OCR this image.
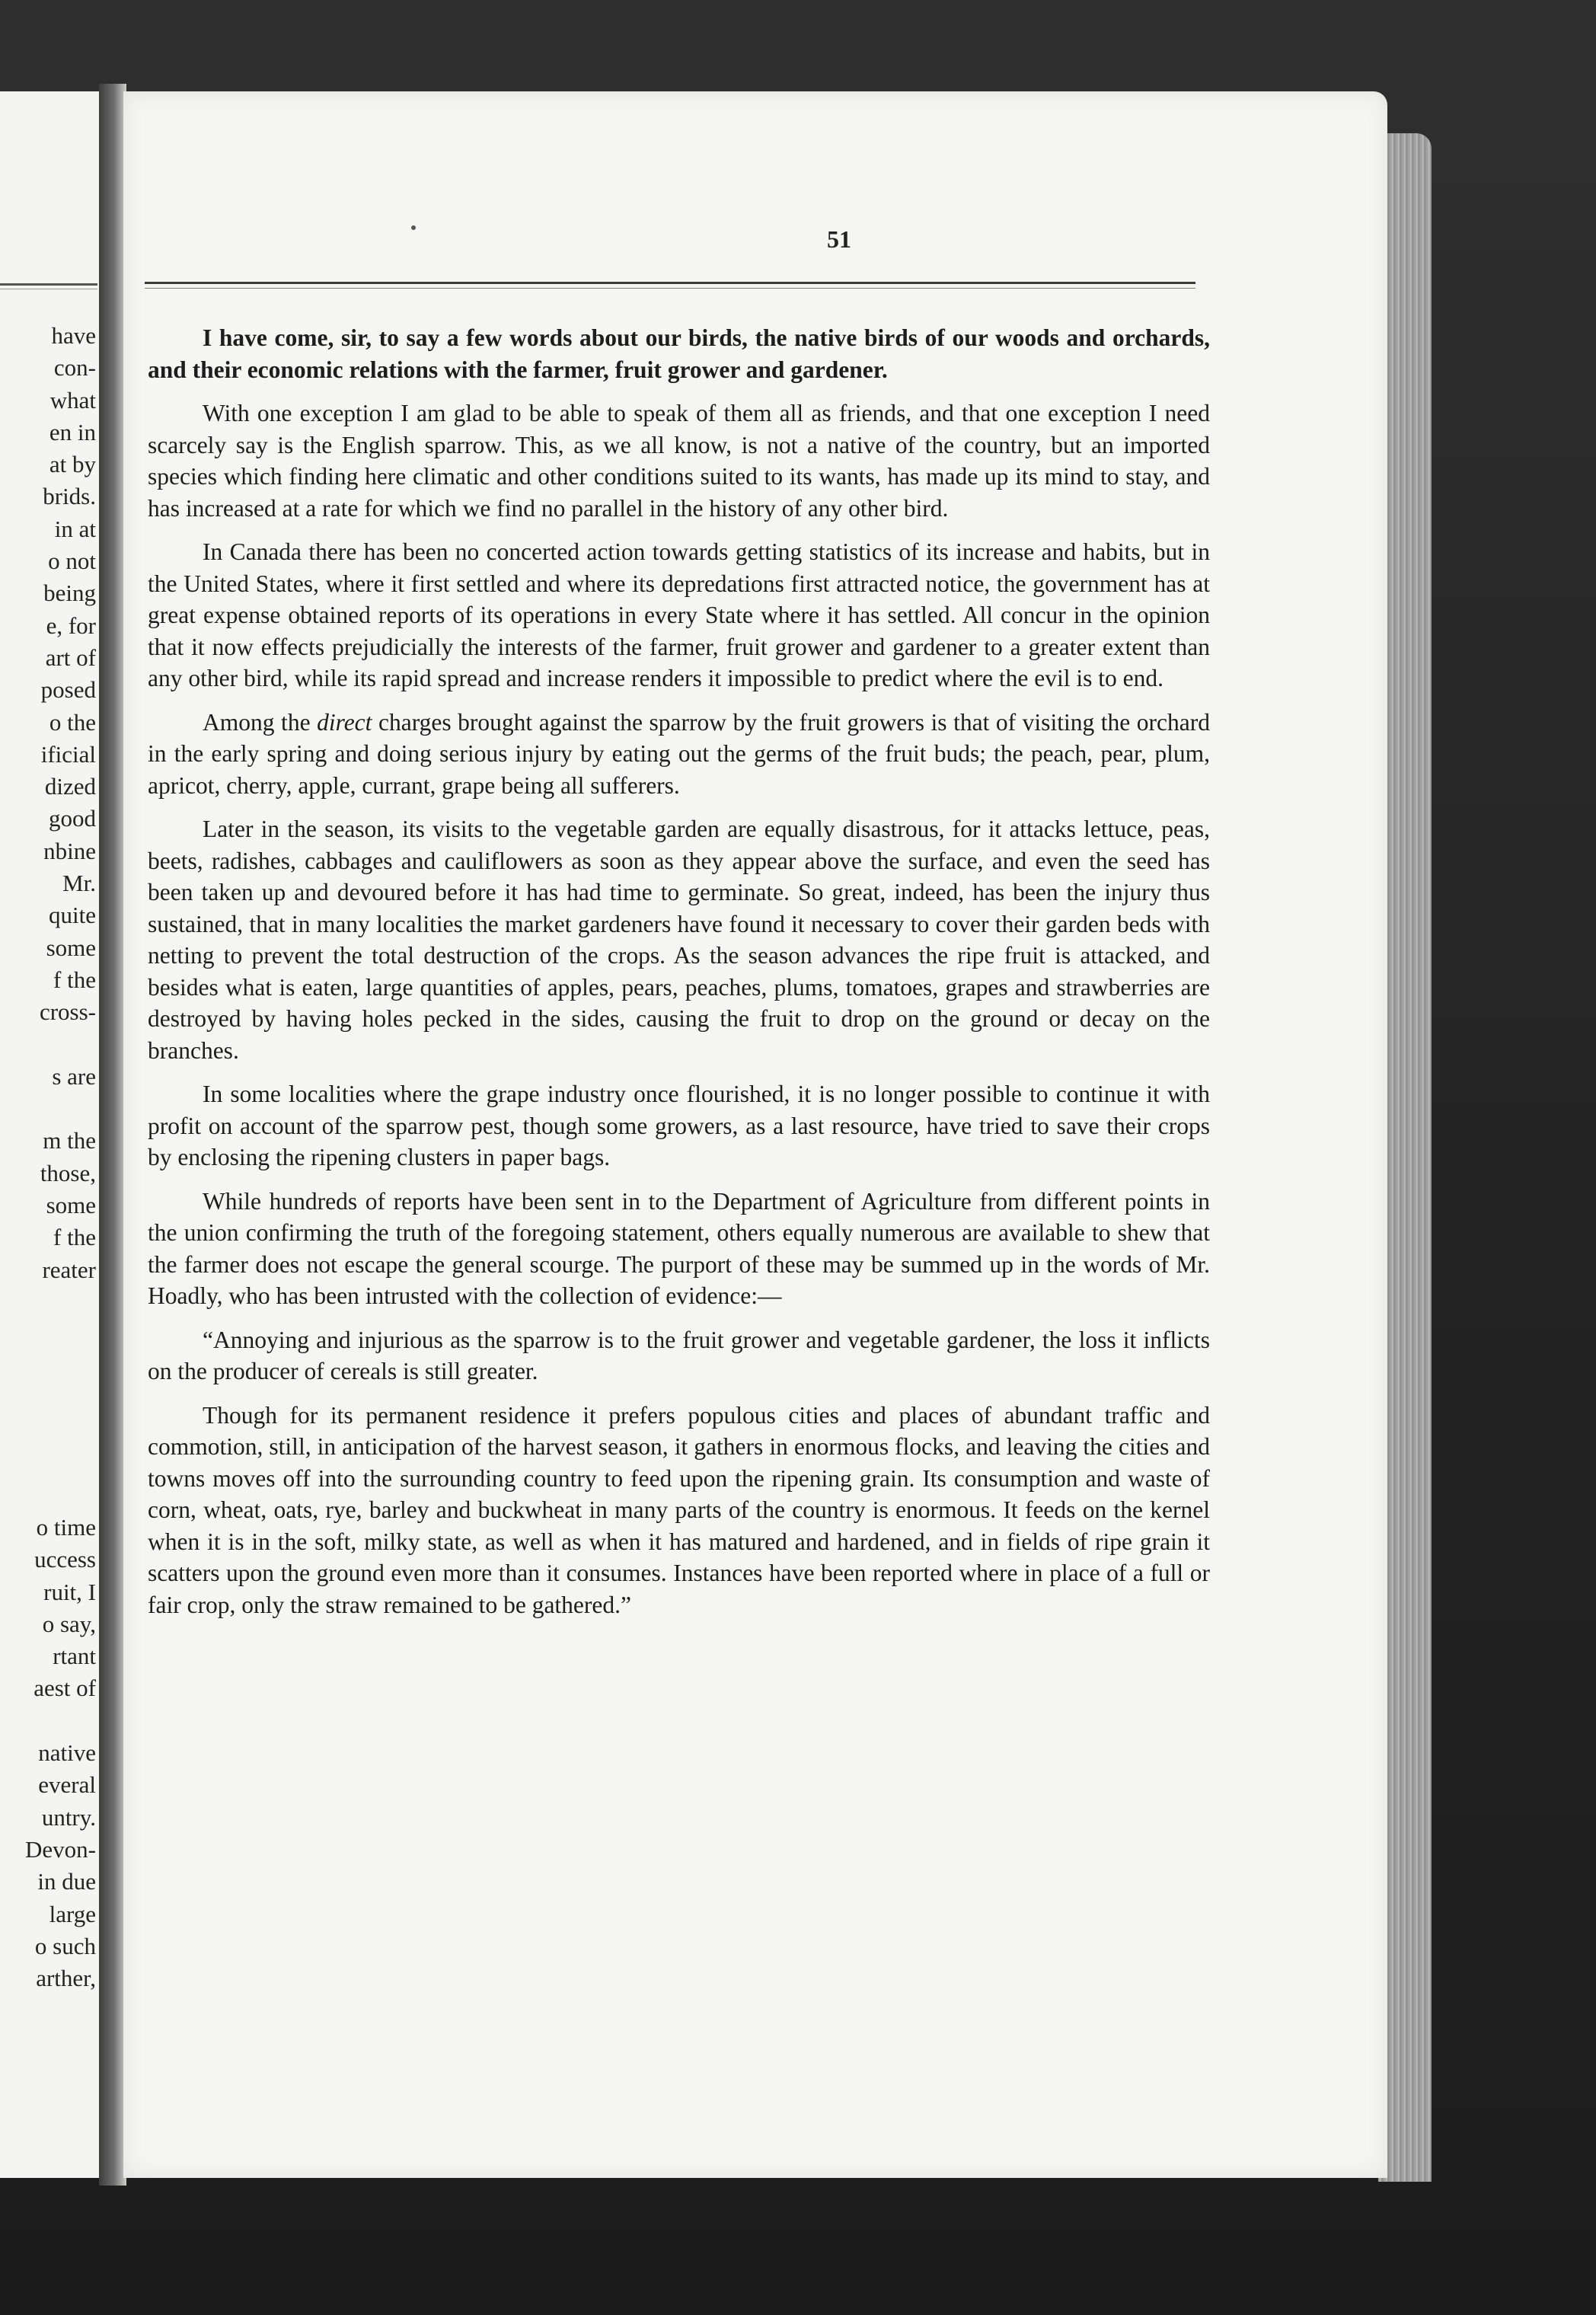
have
con-
what
en in
at by
brids.
in at
o not
being
e, for
art of
posed
o the
ificial
dized
good
nbine
Mr.
quite
some
f the
cross-
s are
m the
those,
some
f the
reater
o time
uccess
ruit, I
o say,
rtant
aest of
native
everal
untry.
Devon-
in due
large
o such
arther,
51

I have come, sir, to say a few words about our birds, the native birds of our woods and orchards, and their economic relations with the farmer, fruit grower and gardener.

With one exception I am glad to be able to speak of them all as friends, and that one exception I need scarcely say is the English sparrow. This, as we all know, is not a native of the country, but an imported species which finding here climatic and other conditions suited to its wants, has made up its mind to stay, and has increased at a rate for which we find no parallel in the history of any other bird.

In Canada there has been no concerted action towards getting statistics of its increase and habits, but in the United States, where it first settled and where its depredations first attracted notice, the government has at great expense obtained reports of its operations in every State where it has settled. All concur in the opinion that it now effects prejudicially the interests of the farmer, fruit grower and gardener to a greater extent than any other bird, while its rapid spread and increase renders it impossible to predict where the evil is to end.

Among the direct charges brought against the sparrow by the fruit growers is that of visiting the orchard in the early spring and doing serious injury by eating out the germs of the fruit buds; the peach, pear, plum, apricot, cherry, apple, currant, grape being all sufferers.

Later in the season, its visits to the vegetable garden are equally disastrous, for it attacks lettuce, peas, beets, radishes, cabbages and cauliflowers as soon as they appear above the surface, and even the seed has been taken up and devoured before it has had time to germinate. So great, indeed, has been the injury thus sustained, that in many localities the market gardeners have found it necessary to cover their garden beds with netting to prevent the total destruction of the crops. As the season advances the ripe fruit is attacked, and besides what is eaten, large quantities of apples, pears, peaches, plums, tomatoes, grapes and strawberries are destroyed by having holes pecked in the sides, causing the fruit to drop on the ground or decay on the branches.

In some localities where the grape industry once flourished, it is no longer possible to continue it with profit on account of the sparrow pest, though some growers, as a last resource, have tried to save their crops by enclosing the ripening clusters in paper bags.

While hundreds of reports have been sent in to the Department of Agriculture from different points in the union confirming the truth of the foregoing statement, others equally numerous are available to shew that the farmer does not escape the general scourge. The purport of these may be summed up in the words of Mr. Hoadly, who has been intrusted with the collection of evidence:—

“Annoying and injurious as the sparrow is to the fruit grower and vegetable gardener, the loss it inflicts on the producer of cereals is still greater.

Though for its permanent residence it prefers populous cities and places of abundant traffic and commotion, still, in anticipation of the harvest season, it gathers in enormous flocks, and leaving the cities and towns moves off into the surrounding country to feed upon the ripening grain. Its consumption and waste of corn, wheat, oats, rye, barley and buckwheat in many parts of the country is enormous. It feeds on the kernel when it is in the soft, milky state, as well as when it has matured and hardened, and in fields of ripe grain it scatters upon the ground even more than it consumes. Instances have been reported where in place of a full or fair crop, only the straw remained to be gathered.”
